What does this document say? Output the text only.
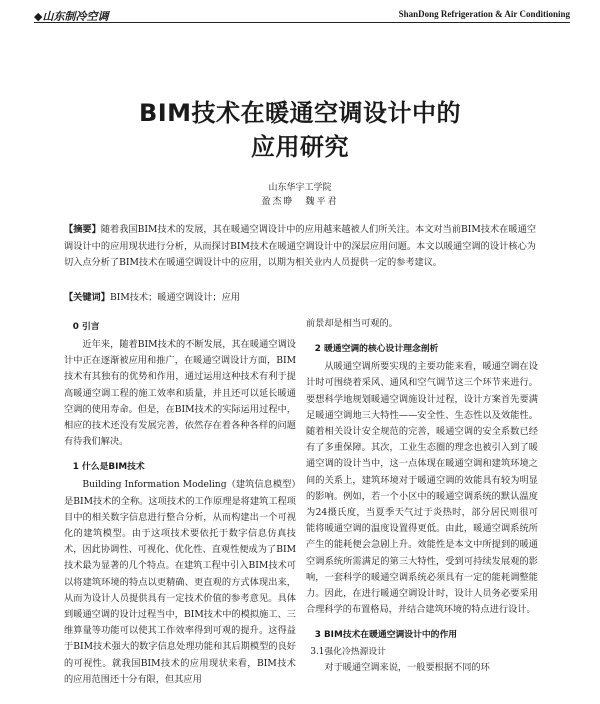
◆山东制冷空调	ShanDong Refrigeration & Air Conditioning
BIM技术在暖通空调设计中的
应用研究
山东华宇工学院
盈杰睁　魏平君
【摘要】随着我国BIM技术的发展，其在暖通空调设计中的应用越来越被人们所关注。本文对当前BIM技术在暖通空调设计中的应用现状进行分析，从而探讨BIM技术在暖通空调设计中的深层应用问题。本文以暖通空调的设计核心为切入点分析了BIM技术在暖通空调设计中的应用，以期为相关业内人员提供一定的参考建议。
【关键词】BIM技术；暖通空调设计；应用
0 引言

近年来，随着BIM技术的不断发展，其在暖通空调设计中正在逐渐被应用和推广，在暖通空调设计方面，BIM技术有其独有的优势和作用，通过运用这种技术有利于提高暖通空调工程的施工效率和质量，并且还可以延长暖通空调的使用寿命。但是，在BIM技术的实际运用过程中，相应的技术还没有发展完善，依然存在着各种各样的问题有待我们解决。

1 什么是BIM技术

Building Information Modeling（建筑信息模型）是BIM技术的全称。这项技术的工作原理是将建筑工程项目中的相关数字信息进行整合分析，从而构建出一个可视化的建筑模型。由于这项技术要依托于数字信息仿真技术，因此协调性、可视化、优化性、直观性便成为了BIM技术最为显著的几个特点。在建筑工程中引入BIM技术可以将建筑环境的特点以更精确、更直观的方式体现出来，从而为设计人员提供具有一定技术价值的参考意见。具体到暖通空调的设计过程当中，BIM技术中的模拟施工、三维算量等功能可以使其工作效率得到可观的提升。这得益于BIM技术强大的数字信息处理功能和其后期模型的良好的可视性。就我国BIM技术的应用现状来看，BIM技术的应用范围还十分有限，但其应用

前景却是相当可观的。

2 暖通空调的核心设计理念剖析

从暖通空调所要实现的主要功能来看，暖通空调在设计时可围绕着采风、通风和空气调节这三个环节来进行。要想科学地规划暖通空调施设计过程，设计方案首先要满足暖通空调地三大特性——安全性、生态性以及效能性。随着相关设计安全规范的完善，暖通空调的安全系数已经有了多重保障。其次，工业生态圈的理念也被引入到了暖通空调的设计当中，这一点体现在暖通空调和建筑环境之间的关系上，建筑环境对于暖通空调的效能具有较为明显的影响。例如，若一个小区中的暖通空调系统的默认温度为24摄氏度，当夏季天气过于炎热时，部分居民则很可能将暖通空调的温度设置得更低。由此，暖通空调系统所产生的能耗便会急剧上升。效能性是本文中所提到的暖通空调系统所需满足的第三大特性，受到可持续发展观的影响，一套科学的暖通空调系统必须具有一定的能耗调整能力。因此，在进行暖通空调设计时，设计人员务必要采用合理科学的布置格局，并结合建筑环境的特点进行设计。

3 BIM技术在暖通空调设计中的作用
3.1强化冷热源设计

对于暖通空调来说，一般要根据不同的环
